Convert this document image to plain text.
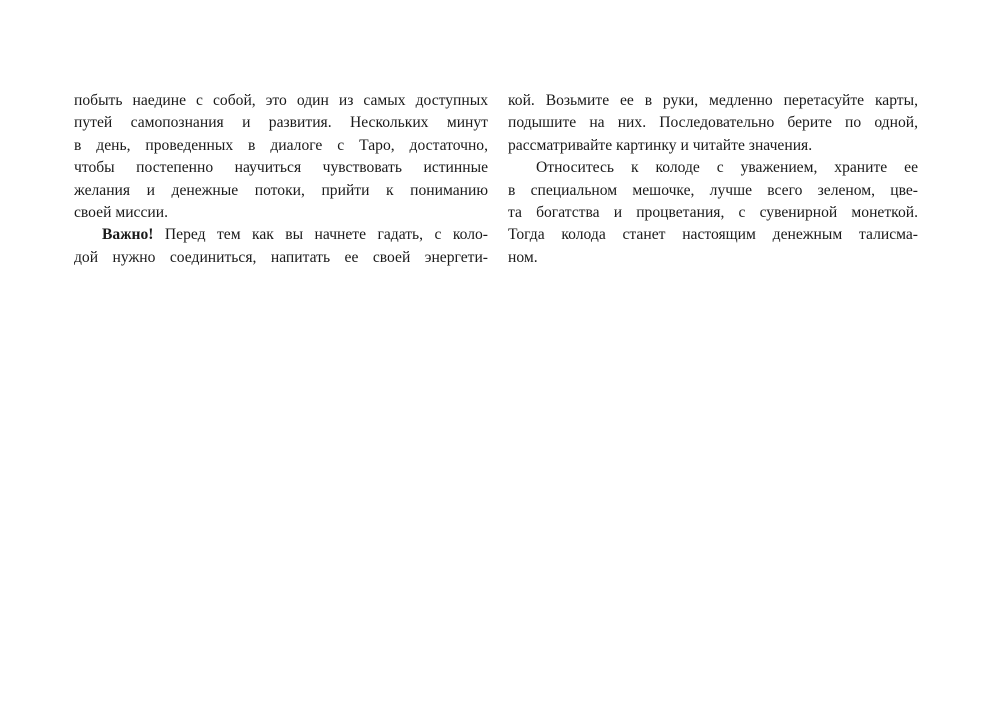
побыть наедине с собой, это один из самых доступных
путей самопознания и развития. Нескольких минут
в день, проведенных в диалоге с Таро, достаточно,
чтобы постепенно научиться чувствовать истинные
желания и денежные потоки, прийти к пониманию
своей миссии.
Важно! Перед тем как вы начнете гадать, с коло-
дой нужно соединиться, напитать ее своей энергети-
кой. Возьмите ее в руки, медленно перетасуйте карты,
подышите на них. Последовательно берите по одной,
рассматривайте картинку и читайте значения.
Относитесь к колоде с уважением, храните ее
в специальном мешочке, лучше всего зеленом, цве-
та богатства и процветания, с сувенирной монеткой.
Тогда колода станет настоящим денежным талисма-
ном.
